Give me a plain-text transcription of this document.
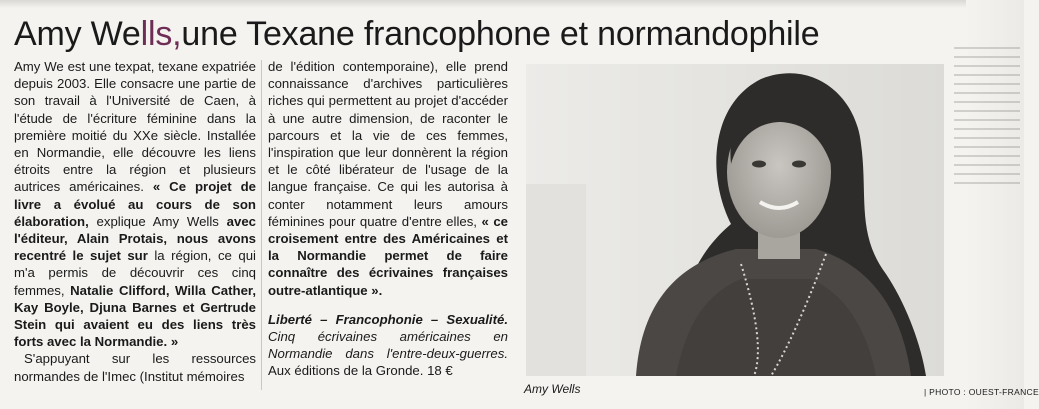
Amy Wells,une Texane francophone et normandophile

Amy We est une texpat, texane expatriée depuis 2003. Elle consacre une partie de son travail à l'Université de Caen, à l'étude de l'écriture féminine dans la première moitié du XXe siècle. Installée en Normandie, elle découvre les liens étroits entre la région et plusieurs autrices américaines. « Ce projet de livre a évolué au cours de son élaboration, explique Amy Wells avec l'éditeur, Alain Protais, nous avons recentré le sujet sur la région, ce qui m'a permis de découvrir ces cinq femmes, Natalie Clifford, Willa Cather, Kay Boyle, Djuna Barnes et Gertrude Stein qui avaient eu des liens très forts avec la Normandie. »

S'appuyant sur les ressources normandes de l'Imec (Institut mémoires

de l'édition contemporaine), elle prend connaissance d'archives particulières riches qui permettent au projet d'accéder à une autre dimension, de raconter le parcours et la vie de ces femmes, l'inspiration que leur donnèrent la région et le côté libérateur de l'usage de la langue française. Ce qui les autorisa à conter notamment leurs amours féminines pour quatre d'entre elles, « ce croisement entre des Américaines et la Normandie permet de faire connaître des écrivaines françaises outre-atlantique ».

Liberté – Francophonie – Sexualité. Cinq écrivaines américaines en Normandie dans l'entre-deux-guerres. Aux éditions de la Gronde. 18 €

Amy Wells	| PHOTO : OUEST-FRANCE
